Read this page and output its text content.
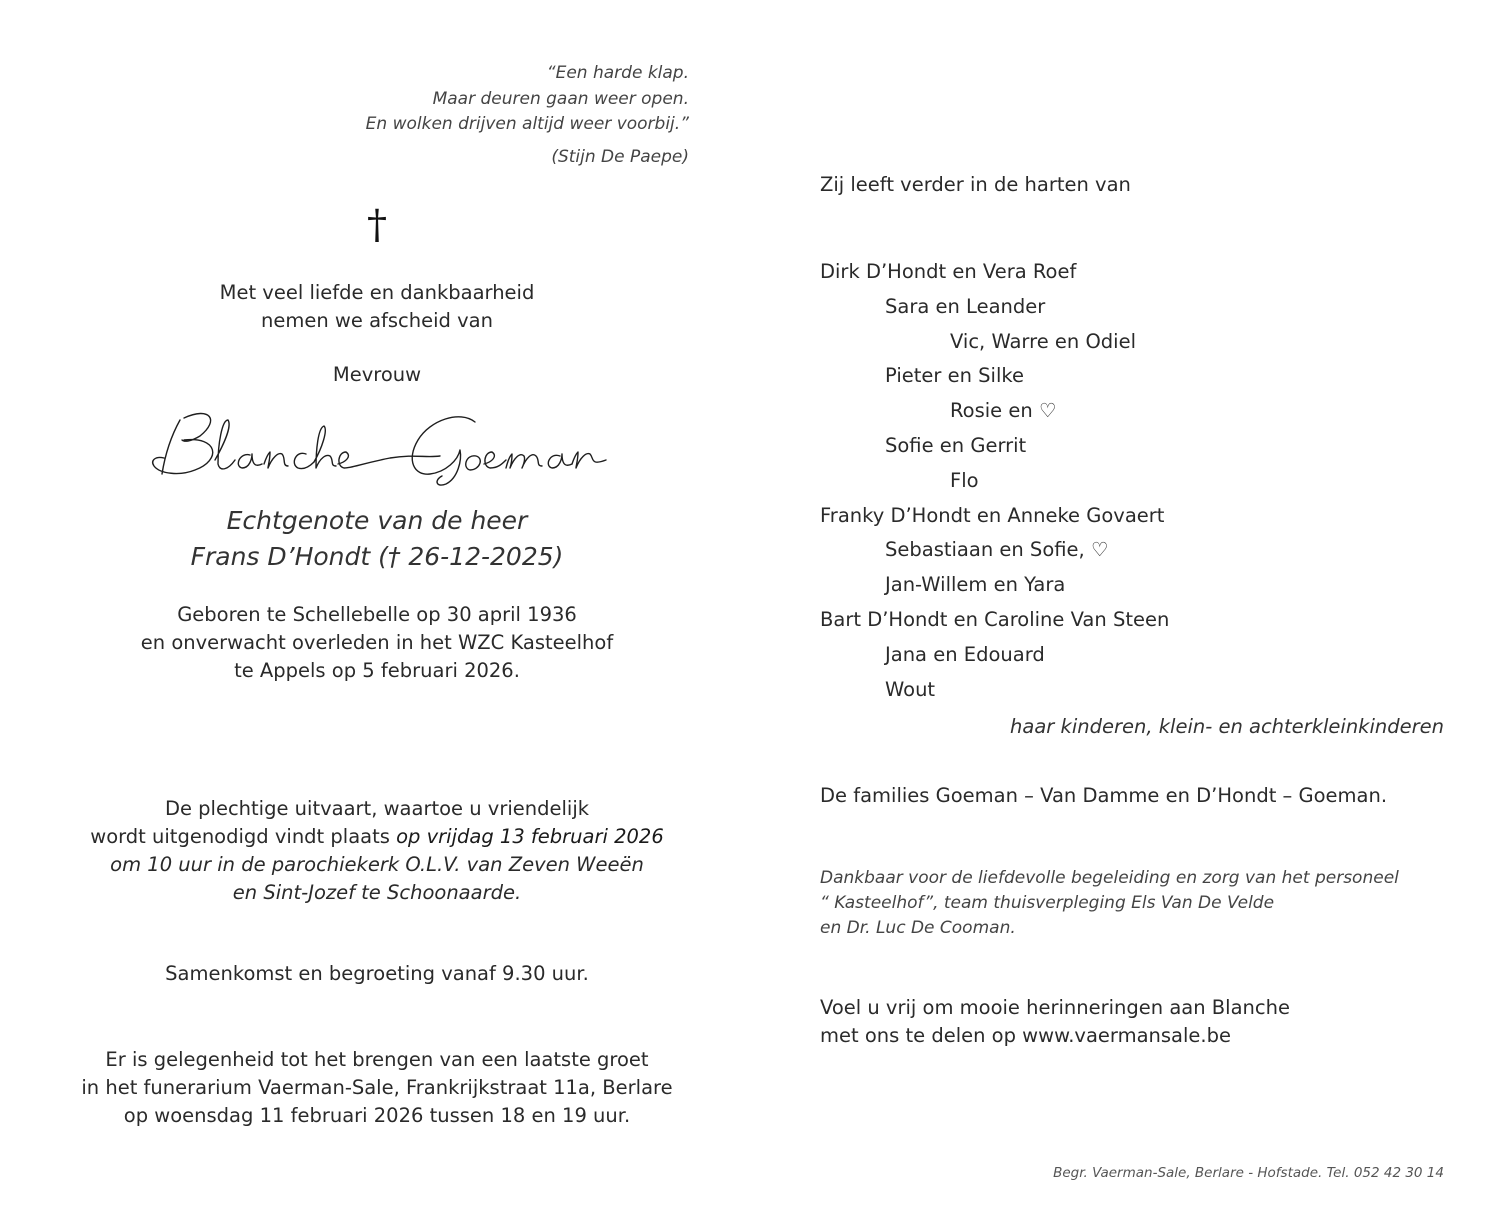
“Een harde klap.
Maar deuren gaan weer open.
En wolken drijven altijd weer voorbij.”
(Stijn De Paepe)
†
Met veel liefde en dankbaarheid
nemen we afscheid van
Mevrouw
Echtgenote van de heer
Frans D’Hondt († 26-12-2025)
Geboren te Schellebelle op 30 april 1936
en onverwacht overleden in het WZC Kasteelhof
te Appels op 5 februari 2026.
De plechtige uitvaart, waartoe u vriendelijk
wordt uitgenodigd vindt plaats op vrijdag 13 februari 2026
om 10 uur in de parochiekerk O.L.V. van Zeven Weeën
en Sint-Jozef te Schoonaarde.
Samenkomst en begroeting vanaf 9.30 uur.
Er is gelegenheid tot het brengen van een laatste groet
in het funerarium Vaerman-Sale, Frankrijkstraat 11a, Berlare
op woensdag 11 februari 2026 tussen 18 en 19 uur.
Zij leeft verder in de harten van
Dirk D’Hondt en Vera Roef
Sara en Leander
Vic, Warre en Odiel
Pieter en Silke
Rosie en ♡
Sofie en Gerrit
Flo
Franky D’Hondt en Anneke Govaert
Sebastiaan en Sofie, ♡
Jan-Willem en Yara
Bart D’Hondt en Caroline Van Steen
Jana en Edouard
Wout
haar kinderen, klein- en achterkleinkinderen
De families Goeman – Van Damme en D’Hondt – Goeman.
Dankbaar voor de liefdevolle begeleiding en zorg van het personeel
“ Kasteelhof”, team thuisverpleging Els Van De Velde
en Dr. Luc De Cooman.
Voel u vrij om mooie herinneringen aan Blanche
met ons te delen op www.vaermansale.be
Begr. Vaerman-Sale, Berlare - Hofstade. Tel. 052 42 30 14
